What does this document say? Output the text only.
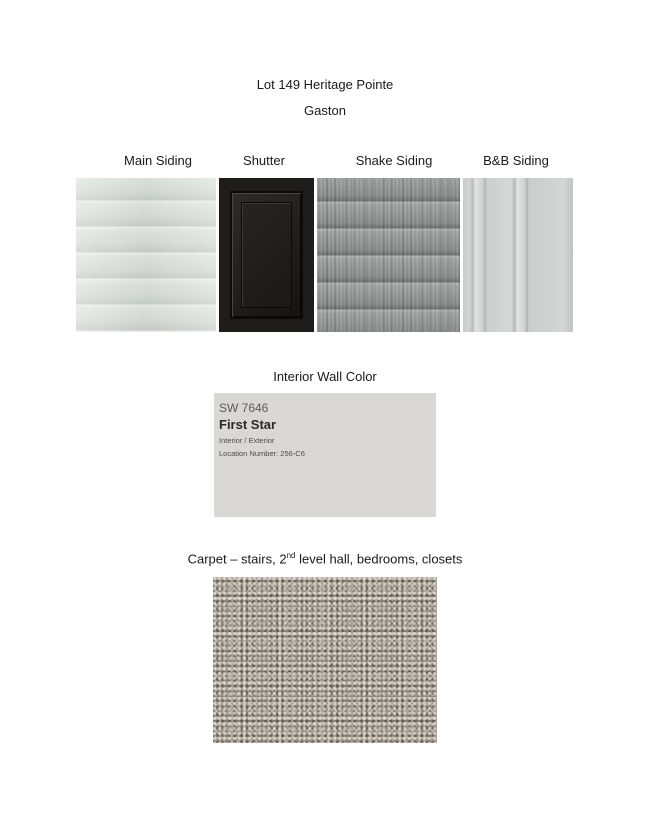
Lot 149 Heritage Pointe
Gaston
Main Siding	Shutter	Shake Siding	B&B Siding
Interior Wall Color
SW 7646
First Star
Interior / Exterior
Location Number: 256-C6
Carpet – stairs, 2nd level hall, bedrooms, closets
